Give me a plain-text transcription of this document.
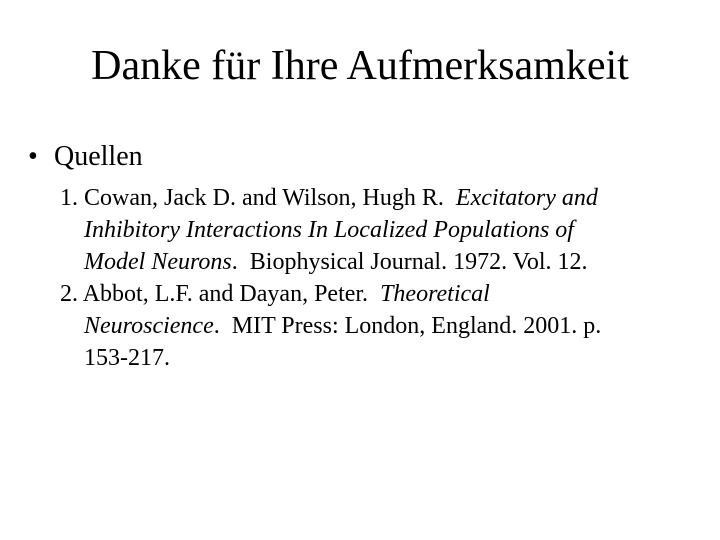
Danke für Ihre Aufmerksamkeit
• Quellen
1. Cowan, Jack D. and Wilson, Hugh R. Excitatory and
Inhibitory Interactions In Localized Populations of
Model Neurons.  Biophysical Journal. 1972. Vol. 12.
2. Abbot, L.F. and Dayan, Peter. Theoretical
Neuroscience.  MIT Press: London, England. 2001. p.
153-217.
